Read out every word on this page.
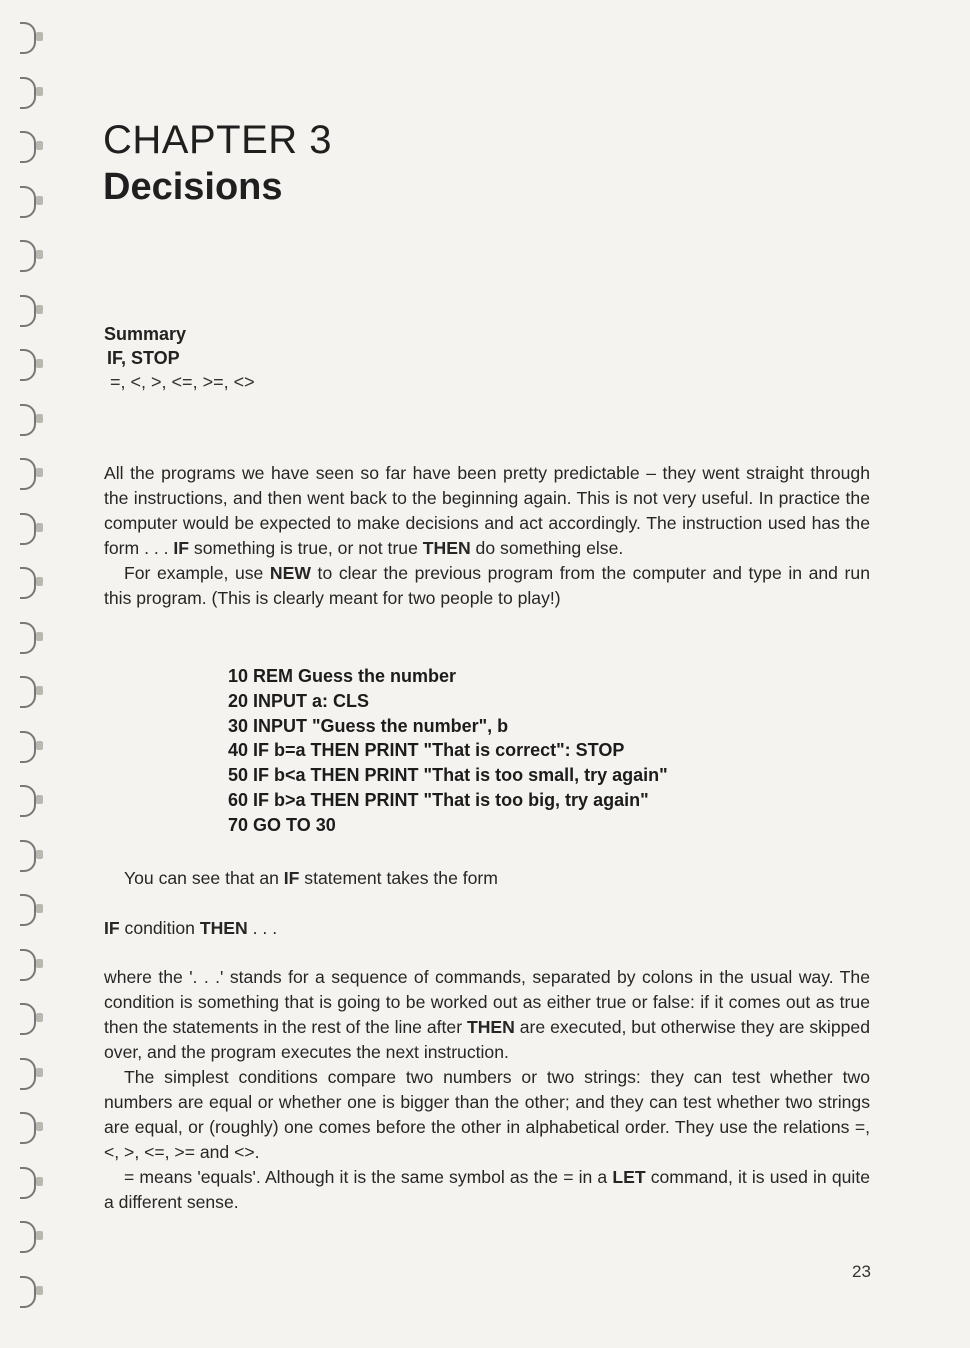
CHAPTER 3
Decisions
Summary
IF, STOP
=, <, >, <=, >=, <>

All the programs we have seen so far have been pretty predictable – they went straight through the instructions, and then went back to the beginning again. This is not very useful. In practice the computer would be expected to make decisions and act accordingly. The instruction used has the form . . . IF something is true, or not true THEN do something else.

For example, use NEW to clear the previous program from the computer and type in and run this program. (This is clearly meant for two people to play!)

10 REM Guess the number
20 INPUT a: CLS
30 INPUT "Guess the number", b
40 IF b=a THEN PRINT "That is correct": STOP
50 IF b<a THEN PRINT "That is too small, try again"
60 IF b>a THEN PRINT "That is too big, try again"
70 GO TO 30

You can see that an IF statement takes the form

IF condition THEN . . .

where the '. . .' stands for a sequence of commands, separated by colons in the usual way. The condition is something that is going to be worked out as either true or false: if it comes out as true then the statements in the rest of the line after THEN are executed, but otherwise they are skipped over, and the program executes the next instruction.

The simplest conditions compare two numbers or two strings: they can test whether two numbers are equal or whether one is bigger than the other; and they can test whether two strings are equal, or (roughly) one comes before the other in alphabetical order. They use the relations =, <, >, <=, >= and <>.

= means 'equals'. Although it is the same symbol as the = in a LET command, it is used in quite a different sense.

23
